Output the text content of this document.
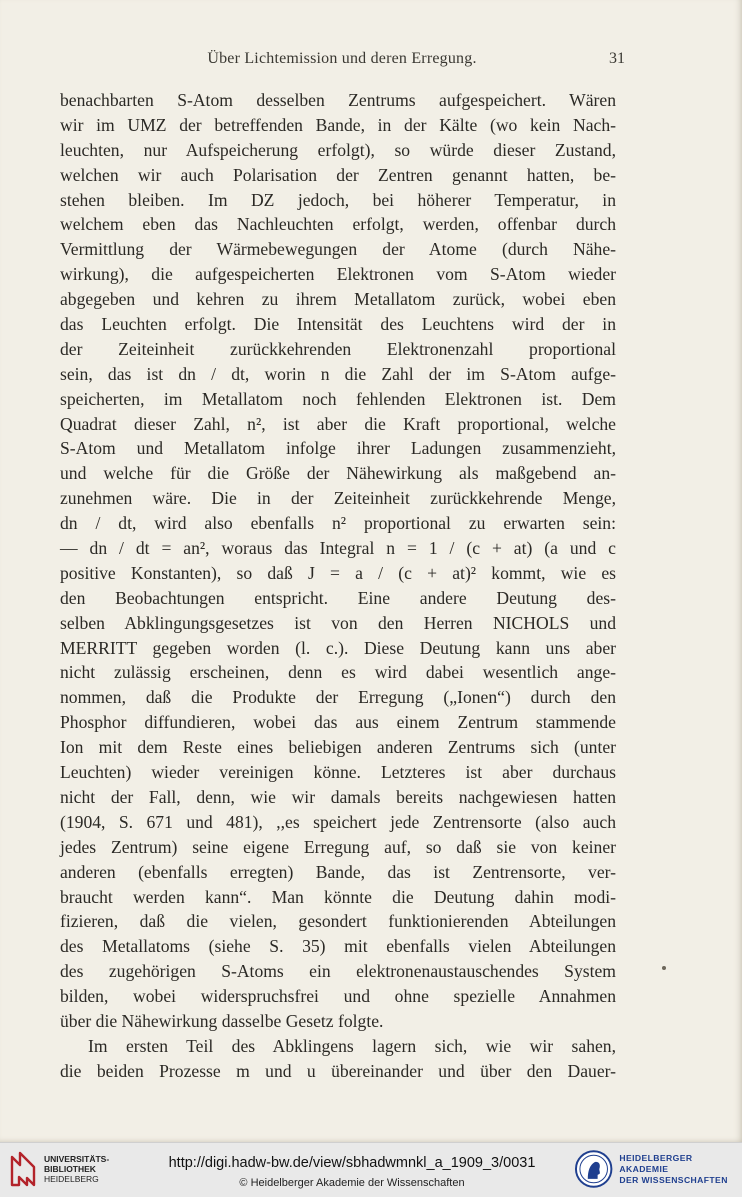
Über Lichtemission und deren Erregung.	31
benachbarten S-Atom desselben Zentrums aufgespeichert. Wären
wir im UMZ der betreffenden Bande, in der Kälte (wo kein Nach-
leuchten, nur Aufspeicherung erfolgt), so würde dieser Zustand,
welchen wir auch Polarisation der Zentren genannt hatten, be-
stehen bleiben. Im DZ jedoch, bei höherer Temperatur, in
welchem eben das Nachleuchten erfolgt, werden, offenbar durch
Vermittlung der Wärmebewegungen der Atome (durch Nähe-
wirkung), die aufgespeicherten Elektronen vom S-Atom wieder
abgegeben und kehren zu ihrem Metallatom zurück, wobei eben
das Leuchten erfolgt. Die Intensität des Leuchtens wird der in
der Zeiteinheit zurückkehrenden Elektronenzahl proportional
sein, das ist dn / dt, worin n die Zahl der im S-Atom aufge-
speicherten, im Metallatom noch fehlenden Elektronen ist. Dem
Quadrat dieser Zahl, n², ist aber die Kraft proportional, welche
S-Atom und Metallatom infolge ihrer Ladungen zusammenzieht,
und welche für die Größe der Nähewirkung als maßgebend an-
zunehmen wäre. Die in der Zeiteinheit zurückkehrende Menge,
dn / dt, wird also ebenfalls n² proportional zu erwarten sein:
— dn / dt = an², woraus das Integral n = 1 / (c + at) (a und c
positive Konstanten), so daß J = a / (c + at)² kommt, wie es
den Beobachtungen entspricht. Eine andere Deutung des-
selben Abklingungsgesetzes ist von den Herren NICHOLS und
MERRITT gegeben worden (l. c.). Diese Deutung kann uns aber
nicht zulässig erscheinen, denn es wird dabei wesentlich ange-
nommen, daß die Produkte der Erregung („Ionen“) durch den
Phosphor diffundieren, wobei das aus einem Zentrum stammende
Ion mit dem Reste eines beliebigen anderen Zentrums sich (unter
Leuchten) wieder vereinigen könne. Letzteres ist aber durchaus
nicht der Fall, denn, wie wir damals bereits nachgewiesen hatten
(1904, S. 671 und 481), ,,es speichert jede Zentrensorte (also auch
jedes Zentrum) seine eigene Erregung auf, so daß sie von keiner
anderen (ebenfalls erregten) Bande, das ist Zentrensorte, ver-
braucht werden kann“. Man könnte die Deutung dahin modi-
fizieren, daß die vielen, gesondert funktionierenden Abteilungen
des Metallatoms (siehe S. 35) mit ebenfalls vielen Abteilungen
des zugehörigen S-Atoms ein elektronenaustauschendes System
bilden, wobei widerspruchsfrei und ohne spezielle Annahmen
über die Nähewirkung dasselbe Gesetz folgte.
Im ersten Teil des Abklingens lagern sich, wie wir sahen,
die beiden Prozesse m und u übereinander und über den Dauer-
UNIVERSITÄTS-
BIBLIOTHEK
HEIDELBERG
http://digi.hadw-bw.de/view/sbhadwmnkl_a_1909_3/0031
© Heidelberger Akademie der Wissenschaften
HEIDELBERGER AKADEMIE
DER WISSENSCHAFTEN
